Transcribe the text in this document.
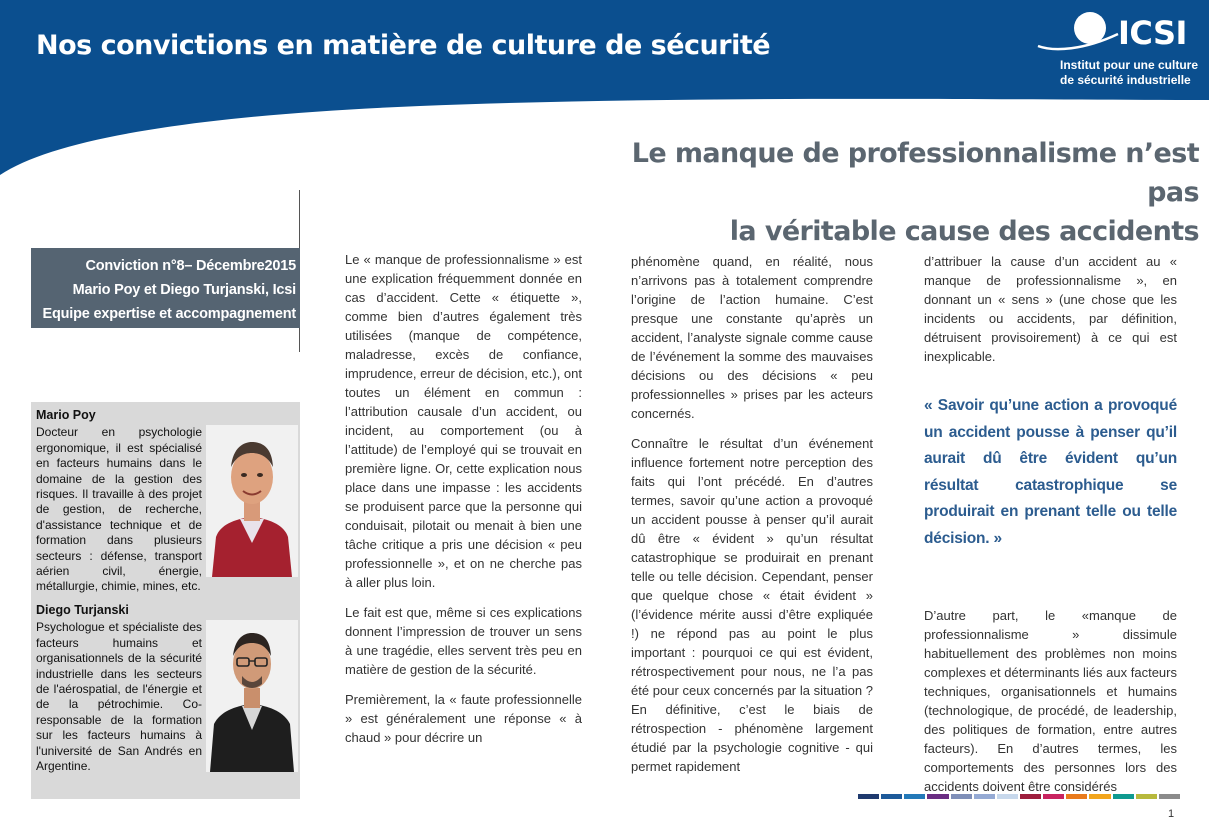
Nos convictions en matière de culture de sécurité	ICSI
Institut pour une culture
de sécurité industrielle
Le manque de professionnalisme n’est pas
la véritable cause des accidents
Conviction n°8– Décembre2015
Mario Poy et Diego Turjanski, Icsi
Equipe expertise et accompagnement
Mario Poy
Docteur en psychologie ergonomique, il est spécialisé en facteurs humains dans le domaine de la gestion des risques. Il travaille à des projet de gestion, de recherche, d'assistance technique et de formation dans plusieurs secteurs : défense, transport aérien civil, énergie, métallurgie, chimie, mines, etc.
Diego Turjanski
Psychologue et spécialiste des facteurs humains et organisationnels de la sécurité industrielle dans les secteurs de l'aérospatial, de l'énergie et de la pétrochimie. Co-responsable de la formation sur les facteurs humains à l'université de San Andrés en Argentine.

Le « manque de professionnalisme » est une explication fréquemment donnée en cas d’accident. Cette « étiquette », comme bien d’autres également très utilisées (manque de compétence, maladresse, excès de confiance, imprudence, erreur de décision, etc.), ont toutes un élément en commun : l’attribution causale d’un accident, ou incident, au comportement (ou à l’attitude) de l’employé qui se trouvait en première ligne. Or, cette explication nous place dans une impasse : les accidents se produisent parce que la personne qui conduisait, pilotait ou menait à bien une tâche critique a pris une décision « peu professionnelle », et on ne cherche pas à aller plus loin.

Le fait est que, même si ces explications donnent l’impression de trouver un sens à une tragédie, elles servent très peu en matière de gestion de la sécurité.

Premièrement, la « faute professionnelle » est généralement une réponse « à chaud » pour décrire un

phénomène quand, en réalité, nous n’arrivons pas à totalement comprendre l’origine de l’action humaine. C’est presque une constante qu’après un accident, l’analyste signale comme cause de l’événement la somme des mauvaises décisions ou des décisions « peu professionnelles » prises par les acteurs concernés.

Connaître le résultat d’un événement influence fortement notre perception des faits qui l’ont précédé. En d’autres termes, savoir qu’une action a provoqué un accident pousse à penser qu’il aurait dû être « évident » qu’un résultat catastrophique se produirait en prenant telle ou telle décision. Cependant, penser que quelque chose « était évident » (l’évidence mérite aussi d’être expliquée !) ne répond pas au point le plus important : pourquoi ce qui est évident, rétrospectivement pour nous, ne l’a pas été pour ceux concernés par la situation ? En définitive, c’est le biais de rétrospection - phénomène largement étudié par la psychologie cognitive - qui permet rapidement

d’attribuer la cause d’un accident au « manque de professionnalisme », en donnant un « sens » (une chose que les incidents ou accidents, par définition, détruisent provisoirement) à ce qui est inexplicable.

« Savoir qu’une action a provoqué un accident pousse à penser qu’il aurait dû être évident qu’un résultat catastrophique se produirait en prenant telle ou telle décision. »

D’autre part, le «manque de professionnalisme » dissimule habituellement des problèmes non moins complexes et déterminants liés aux facteurs techniques, organisationnels et humains (technologique, de procédé, de leadership, des politiques de formation, entre autres facteurs). En d’autres termes, les comportements des personnes lors des accidents doivent être considérés

1
